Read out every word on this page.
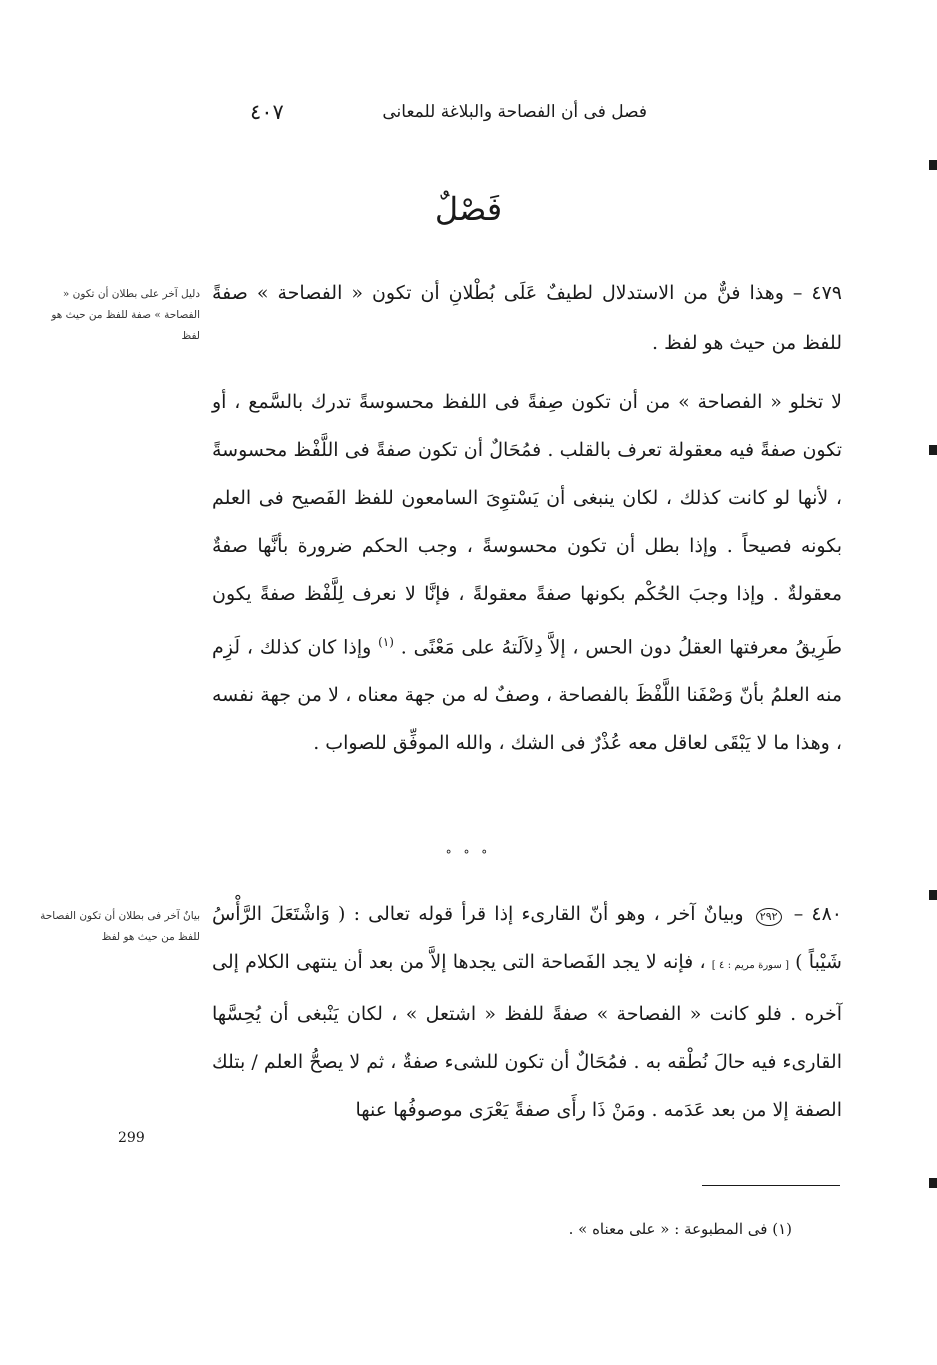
٤٠٧	فصل فى أن الفصاحة والبلاغة للمعانى
فَصْلٌ
دليل آخر على بطلان أن تكون « الفصاحة » صفة للفظ من حيث هو لفظ

٤٧٩ – وهذا فنٌّ من الاستدلال لطيفٌ عَلَى بُطْلانِ أن تكون « الفصاحة » صفةً للفظ من حيث هو لفظ .

لا تخلو « الفصاحة » من أن تكون صِفةً فى اللفظ محسوسةً تدرك بالسَّمع ، أو تكون صفةً فيه معقولة تعرف بالقلب . فمُحَالٌ أن تكون صفةً فى اللَّفْظ محسوسةً ، لأنها لو كانت كذلك ، لكان ينبغى أن يَسْتوِىَ السامعون للفظ الفَصيح فى العلم بكونه فصيحاً . وإذا بطل أن تكون محسوسةً ، وجب الحكم ضرورة بأنَّها صفةٌ معقولةٌ . وإذا وجبَ الحُكْم بكونها صفةً معقولةً ، فإنَّا لا نعرف لِلَّفْظ صفةً يكون طَرِيقُ معرفتها العقلُ دون الحس ، إلاَّ دِلاَلَتهُ على مَعْنًى . $^{(١)}$ وإذا كان كذلك ، لَزِم منه العلمُ بأنّ وَصْفَنا اللَّفْظَ بالفصاحة ، وصفٌ له من جهة معناه ، لا من جهة نفسه ، وهذا ما لا يَبْقَى لعاقل معه عُذْرٌ فى الشك ، والله الموفِّق للصواب .

° ° °
بيانٌ آخر فى بطلان أن تكون الفصاحة للفظ من حيث هو لفظ

٤٨٠ – ٢٩٢ وبيانٌ آخر ، وهو أنّ القارىء إذا قرأ قوله تعالى : ( وَاشْتَعَلَ الرَّأْسُ شَيْباً ) [ سورة مريم : ٤ ] ، فإنه لا يجد الفَصاحة التى يجدها إلاَّ من بعد أن ينتهى الكلام إلى آخره . فلو كانت « الفصاحة » صفةً للفظ « اشتعل » ، لكان يَنْبغى أن يُحِسَّها القارىء فيه حالَ نُطْقه به . فمُحَالٌ أن تكون للشىء صفةٌ ، ثم لا يصحُّ العلم / بتلك الصفة إلا من بعد عَدَمه . ومَنْ ذَا رأَى صفةً يَعْرَى موصوفُها عنها

299
(١) فى المطبوعة : « على معناه » .
